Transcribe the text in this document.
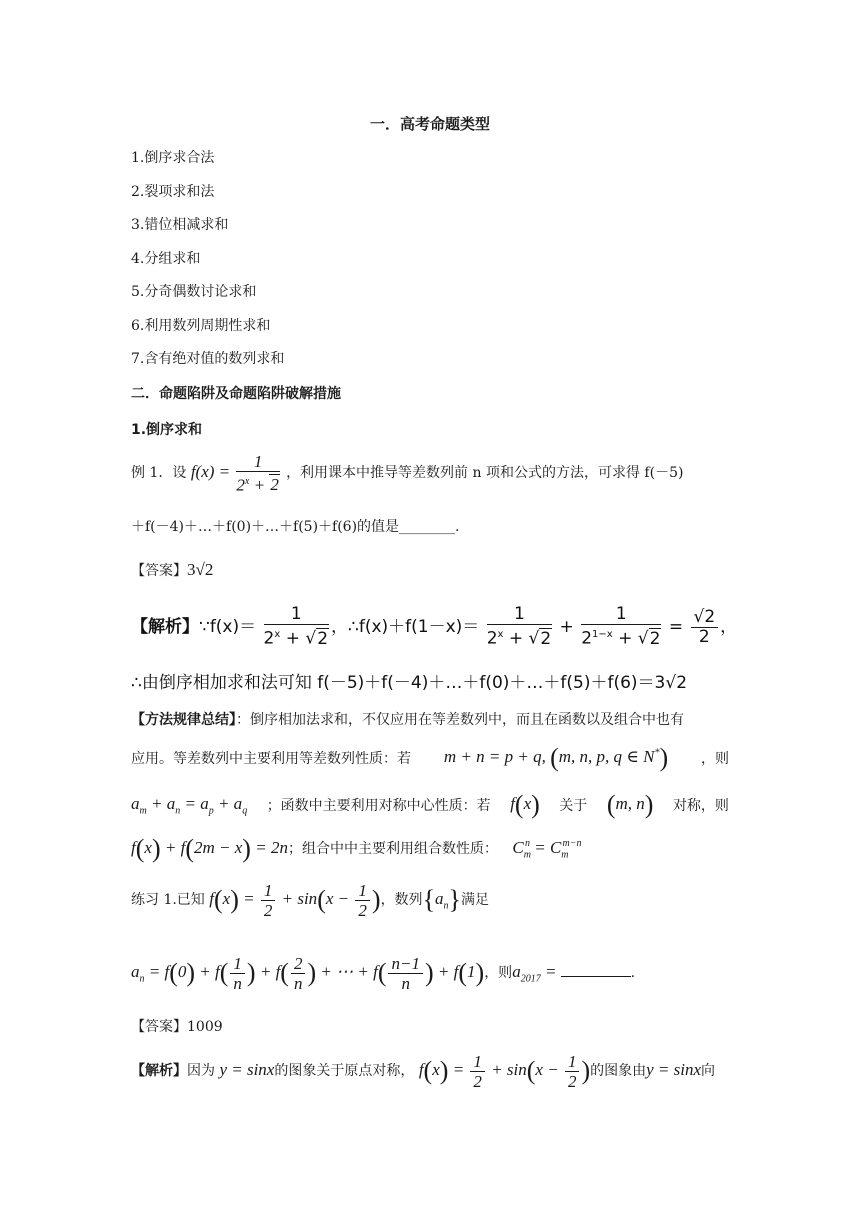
一．高考命题类型
1.倒序求合法
2.裂项求和法
3.错位相减求和
4.分组求和
5.分奇偶数讨论求和
6.利用数列周期性求和
7.含有绝对值的数列求和
二．命题陷阱及命题陷阱破解措施
1.倒序求和
例 1．设 $f(x) = \frac{1}{2^x + 2}$ ，利用课本中推导等差数列前 n 项和公式的方法，可求得 f(－5)
＋f(－4)＋…＋f(0)＋…＋f(5)＋f(6)的值是________.
【答案】3√2
【解析】∵f(x)＝ $\frac{1}{2^x + √2}$ ，∴f(x)＋f(1－x)＝ $\frac{1}{2^x + √2} + \frac{1}{2^{1-x} + √2} = \frac{√2}{2}$ ，
∴由倒序相加求和法可知 f(－5)＋f(－4)＋…＋f(0)＋…＋f(5)＋f(6)＝3√2
【方法规律总结】：倒序相加法求和，不仅应用在等差数列中，而且在函数以及组合中也有
应用。等差数列中主要利用等差数列性质：若 m + n = p + q, (m, n, p, q ∈ N*) ，则
$a_m + a_n = a_p + a_q$ ；函数中主要利用对称中心性质：若 f(x) 关于 (m, n) 对称，则
f(x) + f(2m − x) = 2n；组合中中主要利用组合数性质： $C_m^n = C_m^{m-n}$
练习 1.已知 $f(x) = \frac{1}{2} + \sin(x - \frac{1}{2}$ )，数列$\{a_n\}$满足
$a_n = f(0) + f( \frac{1}{n}$ ) + $f( \frac{2}{n}$ ) + ⋯ + $f( \frac{n-1}{n}$ ) + f(1)，则$a_{2017}$ =	.
【答案】1009
【解析】因为 y = sinx的图象关于原点对称， $f(x) = \frac{1}{2} + \sin(x - \frac{1}{2}$ )的图象由y = sinx向
